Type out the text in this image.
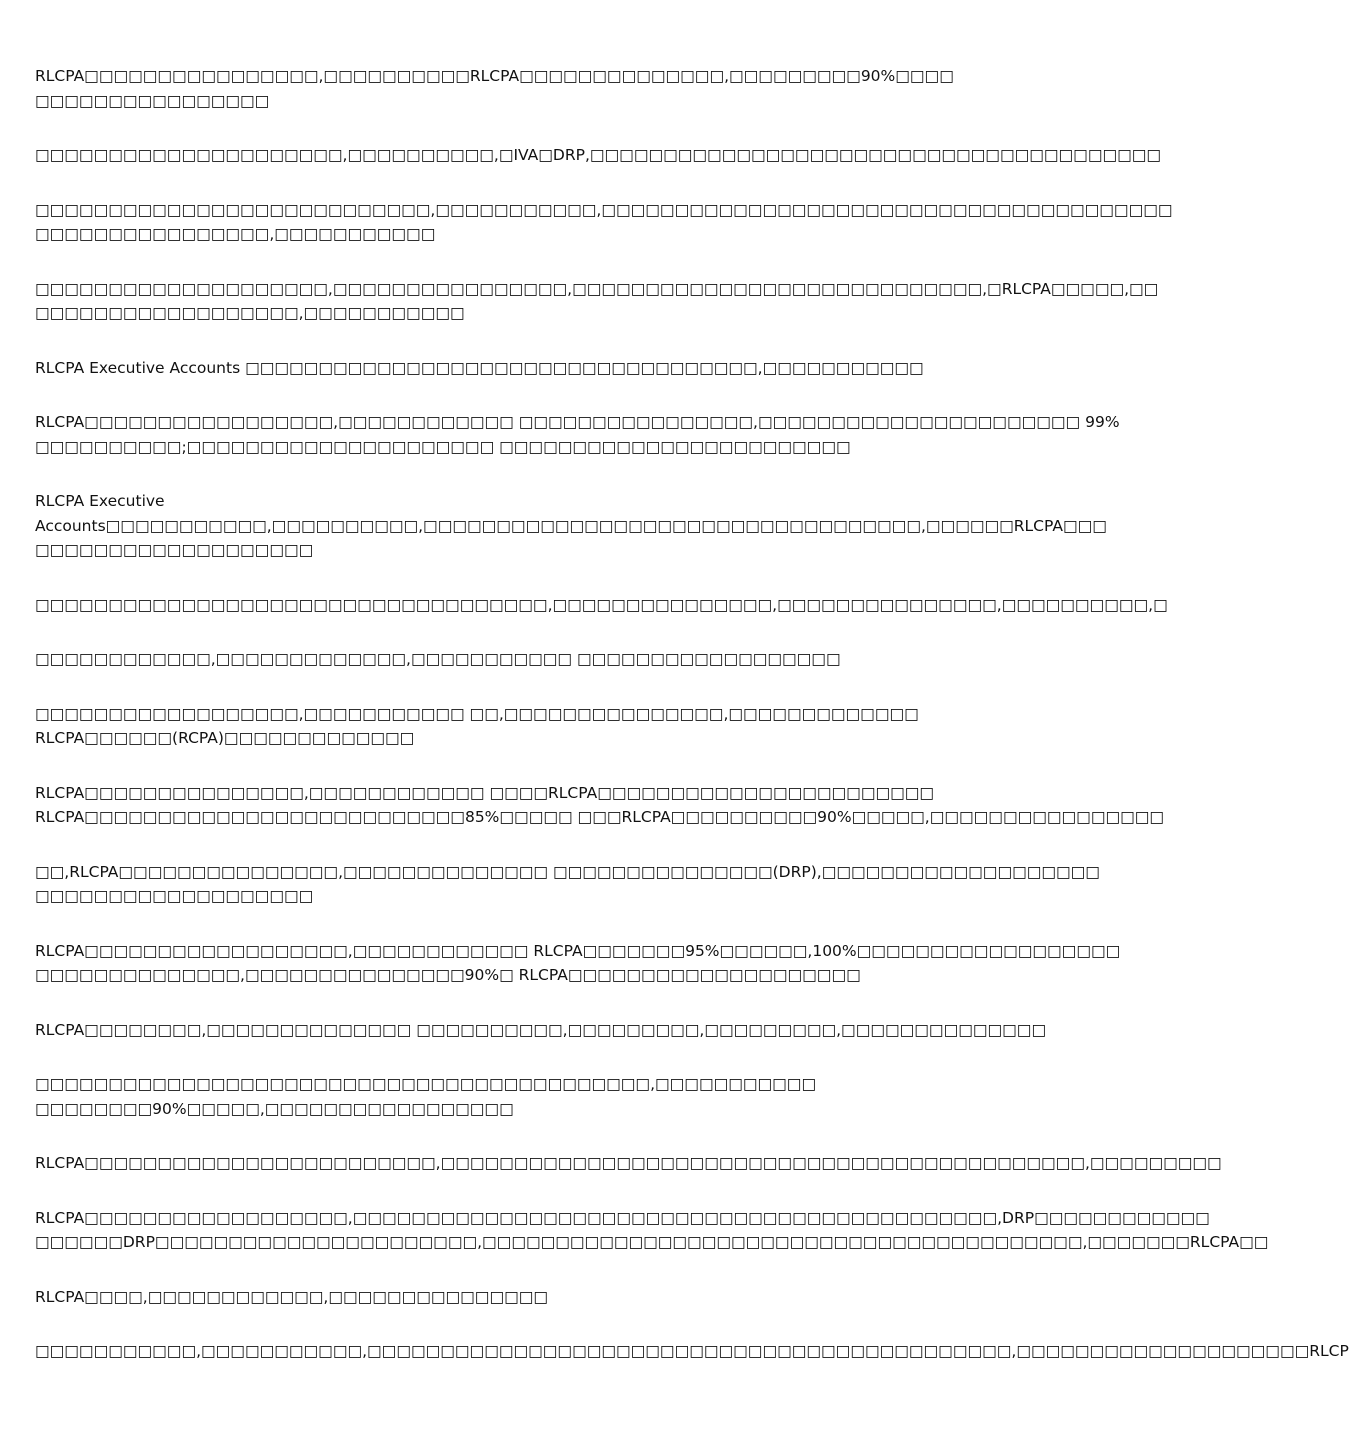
RLCPA□□□□□□□□□□□□□□□□,□□□□□□□□□□RLCPA□□□□□□□□□□□□□□,□□□□□□□□□90%□□□□
□□□□□□□□□□□□□□□□

□□□□□□□□□□□□□□□□□□□□□,□□□□□□□□□□,□IVA□DRP,□□□□□□□□□□□□□□□□□□□□□□□□□□□□□□□□□□□□□□□

□□□□□□□□□□□□□□□□□□□□□□□□□□□,□□□□□□□□□□□,□□□□□□□□□□□□□□□□□□□□□□□□□□□□□□□□□□□□□□□
□□□□□□□□□□□□□□□□,□□□□□□□□□□□

□□□□□□□□□□□□□□□□□□□□,□□□□□□□□□□□□□□□□,□□□□□□□□□□□□□□□□□□□□□□□□□□□□,□RLCPA□□□□□,□□
□□□□□□□□□□□□□□□□□□,□□□□□□□□□□□

RLCPA Executive Accounts □□□□□□□□□□□□□□□□□□□□□□□□□□□□□□□□□□□,□□□□□□□□□□□

RLCPA□□□□□□□□□□□□□□□□□,□□□□□□□□□□□□ □□□□□□□□□□□□□□□□,□□□□□□□□□□□□□□□□□□□□□□ 99%
□□□□□□□□□□;□□□□□□□□□□□□□□□□□□□□□ □□□□□□□□□□□□□□□□□□□□□□□□

RLCPA Executive
Accounts□□□□□□□□□□□,□□□□□□□□□□,□□□□□□□□□□□□□□□□□□□□□□□□□□□□□□□□□□,□□□□□□RLCPA□□□
□□□□□□□□□□□□□□□□□□□

□□□□□□□□□□□□□□□□□□□□□□□□□□□□□□□□□□□,□□□□□□□□□□□□□□□,□□□□□□□□□□□□□□□,□□□□□□□□□□,□

□□□□□□□□□□□□,□□□□□□□□□□□□□,□□□□□□□□□□□ □□□□□□□□□□□□□□□□□□

□□□□□□□□□□□□□□□□□□,□□□□□□□□□□□ □□,□□□□□□□□□□□□□□□,□□□□□□□□□□□□□
RLCPA□□□□□□(RCPA)□□□□□□□□□□□□□

RLCPA□□□□□□□□□□□□□□□,□□□□□□□□□□□□ □□□□RLCPA□□□□□□□□□□□□□□□□□□□□□□□
RLCPA□□□□□□□□□□□□□□□□□□□□□□□□□□85%□□□□□ □□□RLCPA□□□□□□□□□□90%□□□□□,□□□□□□□□□□□□□□□□

□□,RLCPA□□□□□□□□□□□□□□□,□□□□□□□□□□□□□□ □□□□□□□□□□□□□□□(DRP),□□□□□□□□□□□□□□□□□□□
□□□□□□□□□□□□□□□□□□□

RLCPA□□□□□□□□□□□□□□□□□□,□□□□□□□□□□□□ RLCPA□□□□□□□95%□□□□□□,100%□□□□□□□□□□□□□□□□□□
□□□□□□□□□□□□□□,□□□□□□□□□□□□□□□90%□ RLCPA□□□□□□□□□□□□□□□□□□□□

RLCPA□□□□□□□□,□□□□□□□□□□□□□□ □□□□□□□□□□,□□□□□□□□□,□□□□□□□□□,□□□□□□□□□□□□□□

□□□□□□□□□□□□□□□□□□□□□□□□□□□□□□□□□□□□□□□□□□,□□□□□□□□□□□
□□□□□□□□90%□□□□□,□□□□□□□□□□□□□□□□□

RLCPA□□□□□□□□□□□□□□□□□□□□□□□□,□□□□□□□□□□□□□□□□□□□□□□□□□□□□□□□□□□□□□□□□□□□□,□□□□□□□□□

RLCPA□□□□□□□□□□□□□□□□□□,□□□□□□□□□□□□□□□□□□□□□□□□□□□□□□□□□□□□□□□□□□□□,DRP□□□□□□□□□□□□
□□□□□□DRP□□□□□□□□□□□□□□□□□□□□□□,□□□□□□□□□□□□□□□□□□□□□□□□□□□□□□□□□□□□□□□□□,□□□□□□□RLCPA□□

RLCPA□□□□,□□□□□□□□□□□□,□□□□□□□□□□□□□□□

□□□□□□□□□□□,□□□□□□□□□□□,□□□□□□□□□□□□□□□□□□□□□□□□□□□□□□□□□□□□□□□□□□□□,□□□□□□□□□□□□□□□□□□□□RLCP
